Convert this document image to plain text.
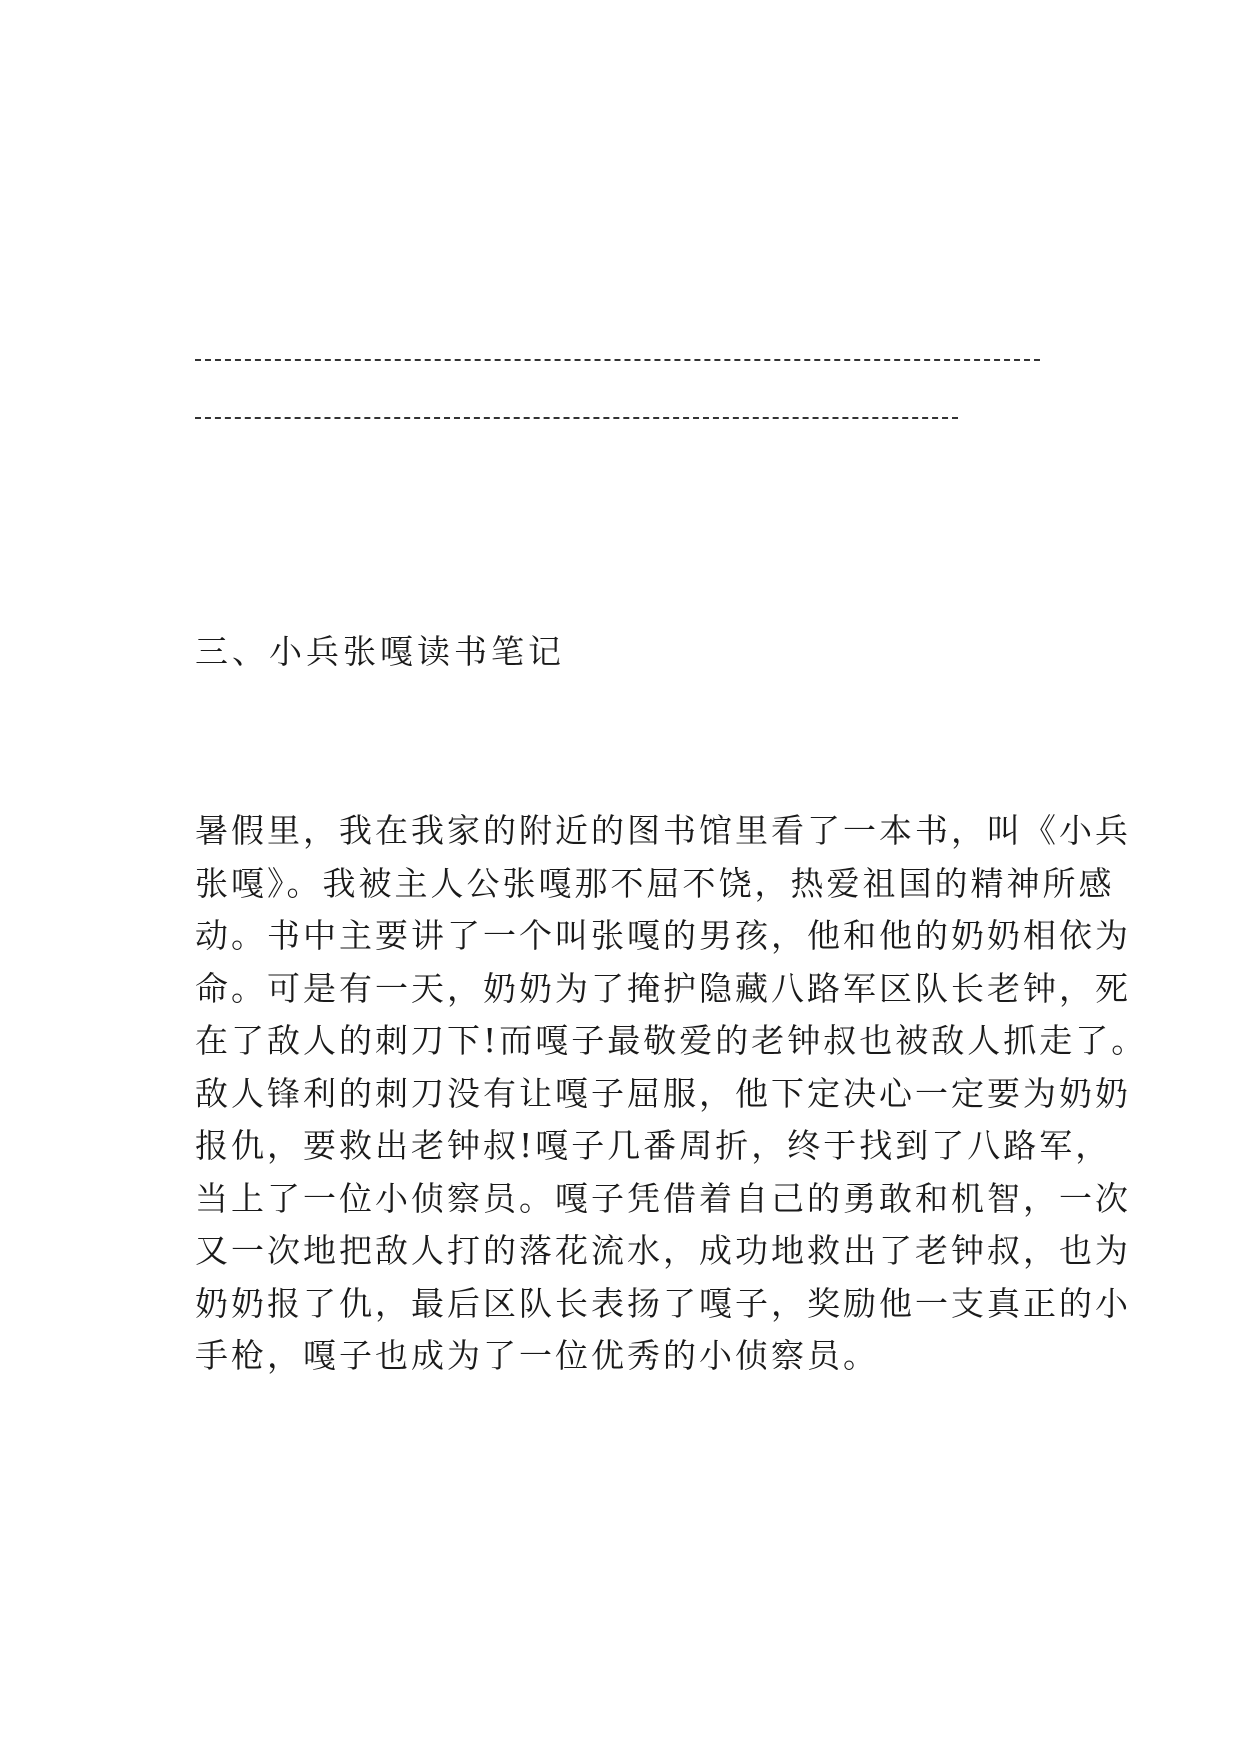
三、小兵张嘎读书笔记
暑假里，我在我家的附近的图书馆里看了一本书，叫《小兵
张嘎》。我被主人公张嘎那不屈不饶，热爱祖国的精神所感
动。书中主要讲了一个叫张嘎的男孩，他和他的奶奶相依为
命。可是有一天，奶奶为了掩护隐藏八路军区队长老钟，死
在了敌人的刺刀下!而嘎子最敬爱的老钟叔也被敌人抓走了。
敌人锋利的刺刀没有让嘎子屈服，他下定决心一定要为奶奶
报仇，要救出老钟叔!嘎子几番周折，终于找到了八路军，
当上了一位小侦察员。嘎子凭借着自己的勇敢和机智，一次
又一次地把敌人打的落花流水，成功地救出了老钟叔，也为
奶奶报了仇，最后区队长表扬了嘎子，奖励他一支真正的小
手枪，嘎子也成为了一位优秀的小侦察员。
